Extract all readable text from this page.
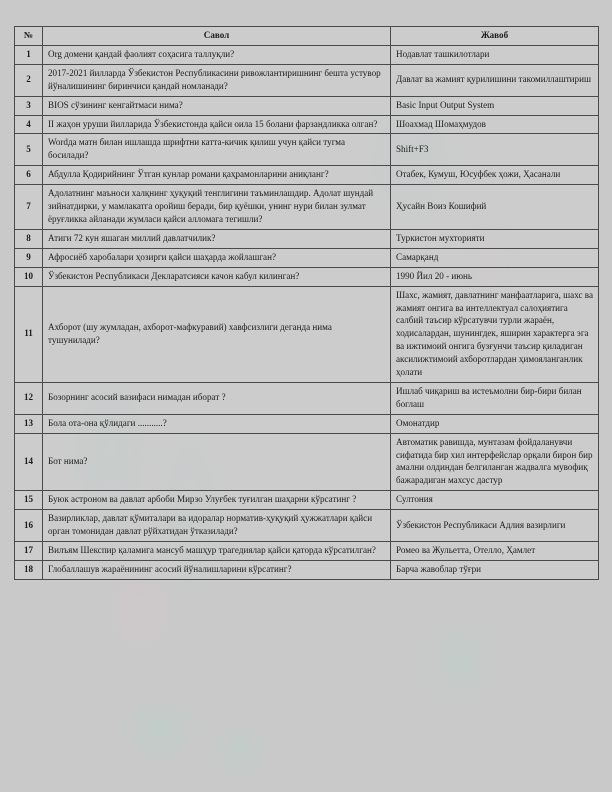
№	Савол	Жавоб
1	Org домени қандай фаолият соҳасига таллуқли?	Нодавлат ташкилотлари
2	2017-2021 йилларда Ўзбекистон Республикасини ривожлантиришнинг бешта устувор йўналишининг биринчиси қандай номланади?	Давлат ва жамият қурилишини такомиллаштириш
3	BIOS сўзининг кенгайтмаси нима?	Basic Input Output System
4	II жаҳон уруши йилларида Ўзбекистонда қайси оила 15 болани фарзандликка олган?	Шоахмад Шомаҳмудов
5	Wordда матн билан ишлашда шрифтни катта-кичик қилиш учун қайси тугма босилади?	Shift+F3
6	Абдулла Қодирийнинг Ўтган кунлар романи қаҳрамонларини аниқланг?	Отабек, Кумуш, Юсуфбек ҳожи, Ҳасанали
7	Адолатнинг маъноси халқнинг ҳуқуқий тенглигини таъминлашдир. Адолат шундай зийнатдирки, у мамлакатга оройиш беради, бир қуёшки, унинг нури билан зулмат ёруғликка айланади жумласи қайси алломага тегишли?	Ҳусайн Воиз Кошифий
8	Атиги 72 кун яшаган миллий давлатчилик?	Туркистон мухторияти
9	Афросиёб харобалари ҳозирги қайси шаҳарда жойлашган?	Самарқанд
10	Ўзбекистон Республикаси Декларатсияси качон кабул килинган?	1990 Йил 20 - июнь
11	Ахборот (шу жумладан, ахборот-мафкуравий) хавфсизлиги деганда нима тушунилади?	Шахс, жамият, давлатнинг манфаатларига, шахс ва жамият онгига ва интеллектуал салоҳиятига салбий таъсир кўрсатувчи турли жараён, ходисалардан, шунингдек, яширин характерга эга ва ижтимоий онгига бузғунчи таъсир қиладиган аксилижтимоий ахборотлардан ҳимояланганлик ҳолати
12	Бозорнинг асосий вазифаси нимадан иборат ?	Ишлаб чиқариш ва истеъмолни бир-бири билан боглаш
13	Бола ота-она қўлидаги ...........?	Омонатдир
14	Бот нима?	Автоматик равишда, мунтазам фойдаланувчи сифатида бир хил интерфейслар орқали бирон бир амални олдиндан белгиланган жадвалга мувофиқ бажарадиган махсус дастур
15	Буюк астроном ва давлат арбоби Мирзо Улуғбек туғилган шаҳарни кўрсатинг ?	Султония
16	Вазирликлар, давлат қўмиталари ва идоралар норматив-ҳуқуқий ҳужжатлари қайси орган томонидан давлат рўйхатидан ўтказилади?	Ўзбекистон Республикаси Адлия вазирлиги
17	Вилъям Шекспир қаламига мансуб машҳур трагедиялар қайси қаторда кўрсатилган?	Ромео ва Жульетта, Отелло, Ҳамлет
18	Глобаллашув жараёнининг асосий йўналишларини кўрсатинг?	Барча жавоблар тўғри
